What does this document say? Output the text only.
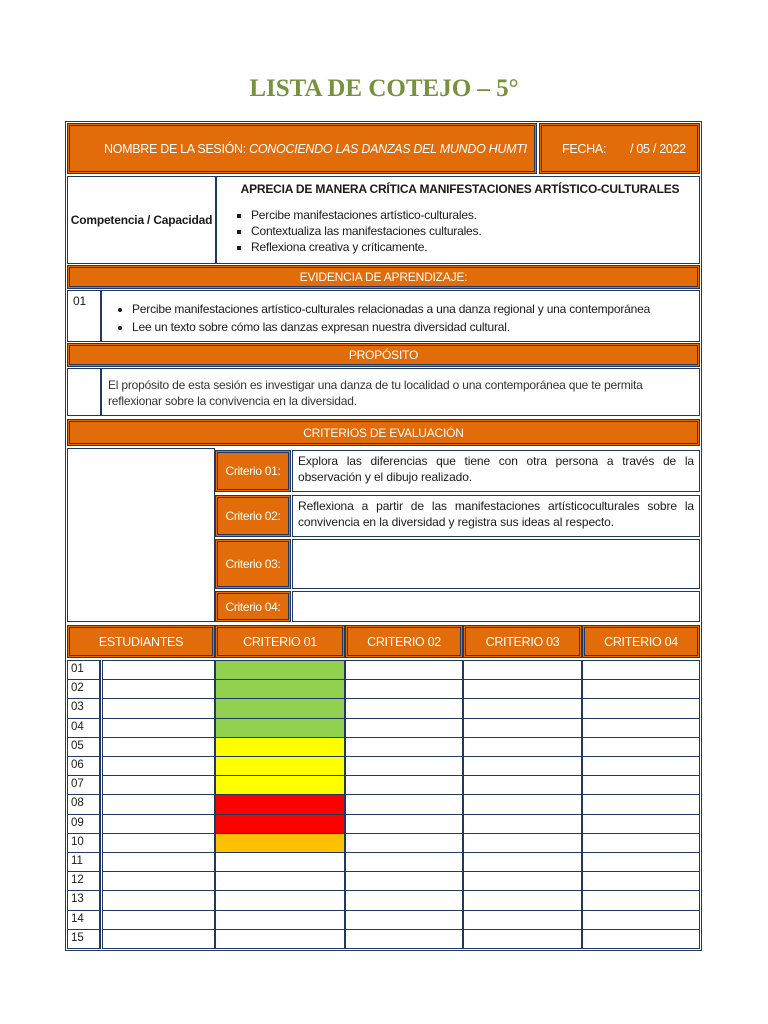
LISTA DE COTEJO – 5°
NOMBRE DE LA SESIÓN:
CONOCIENDO LAS DANZAS DEL MUNDO HUMTI	FECHA: / 05 / 2022
Competencia / Capacidad
APRECIA DE MANERA CRÍTICA MANIFESTACIONES ARTÍSTICO-CULTURALES
▪ Percibe manifestaciones artístico-culturales.
▪ Contextualiza las manifestaciones culturales.
▪ Reflexiona creativa y críticamente.
EVIDENCIA DE APRENDIZAJE:
01
• Percibe manifestaciones artístico-culturales relacionadas a una danza regional y una contemporánea
• Lee un texto sobre cómo las danzas expresan nuestra diversidad cultural.
PROPÓSITO
El propósito de esta sesión es investigar una danza de tu localidad o una contemporánea que te permita reflexionar sobre la convivencia en la diversidad.
CRITERIOS DE EVALUACIÓN
Criterio 01:
Explora las diferencias que tiene con otra persona a través de la observación y el dibujo realizado.
Criterio 02:
Reflexiona a partir de las manifestaciones artísticoculturales sobre la convivencia en la diversidad y registra sus ideas al respecto.
Criterio 03:
Criterio 04:
ESTUDIANTES	CRITERIO 01	CRITERIO 02	CRITERIO 03	CRITERIO 04
01
02
03
04
05
06
07
08
09
10
11
12
13
14
15
